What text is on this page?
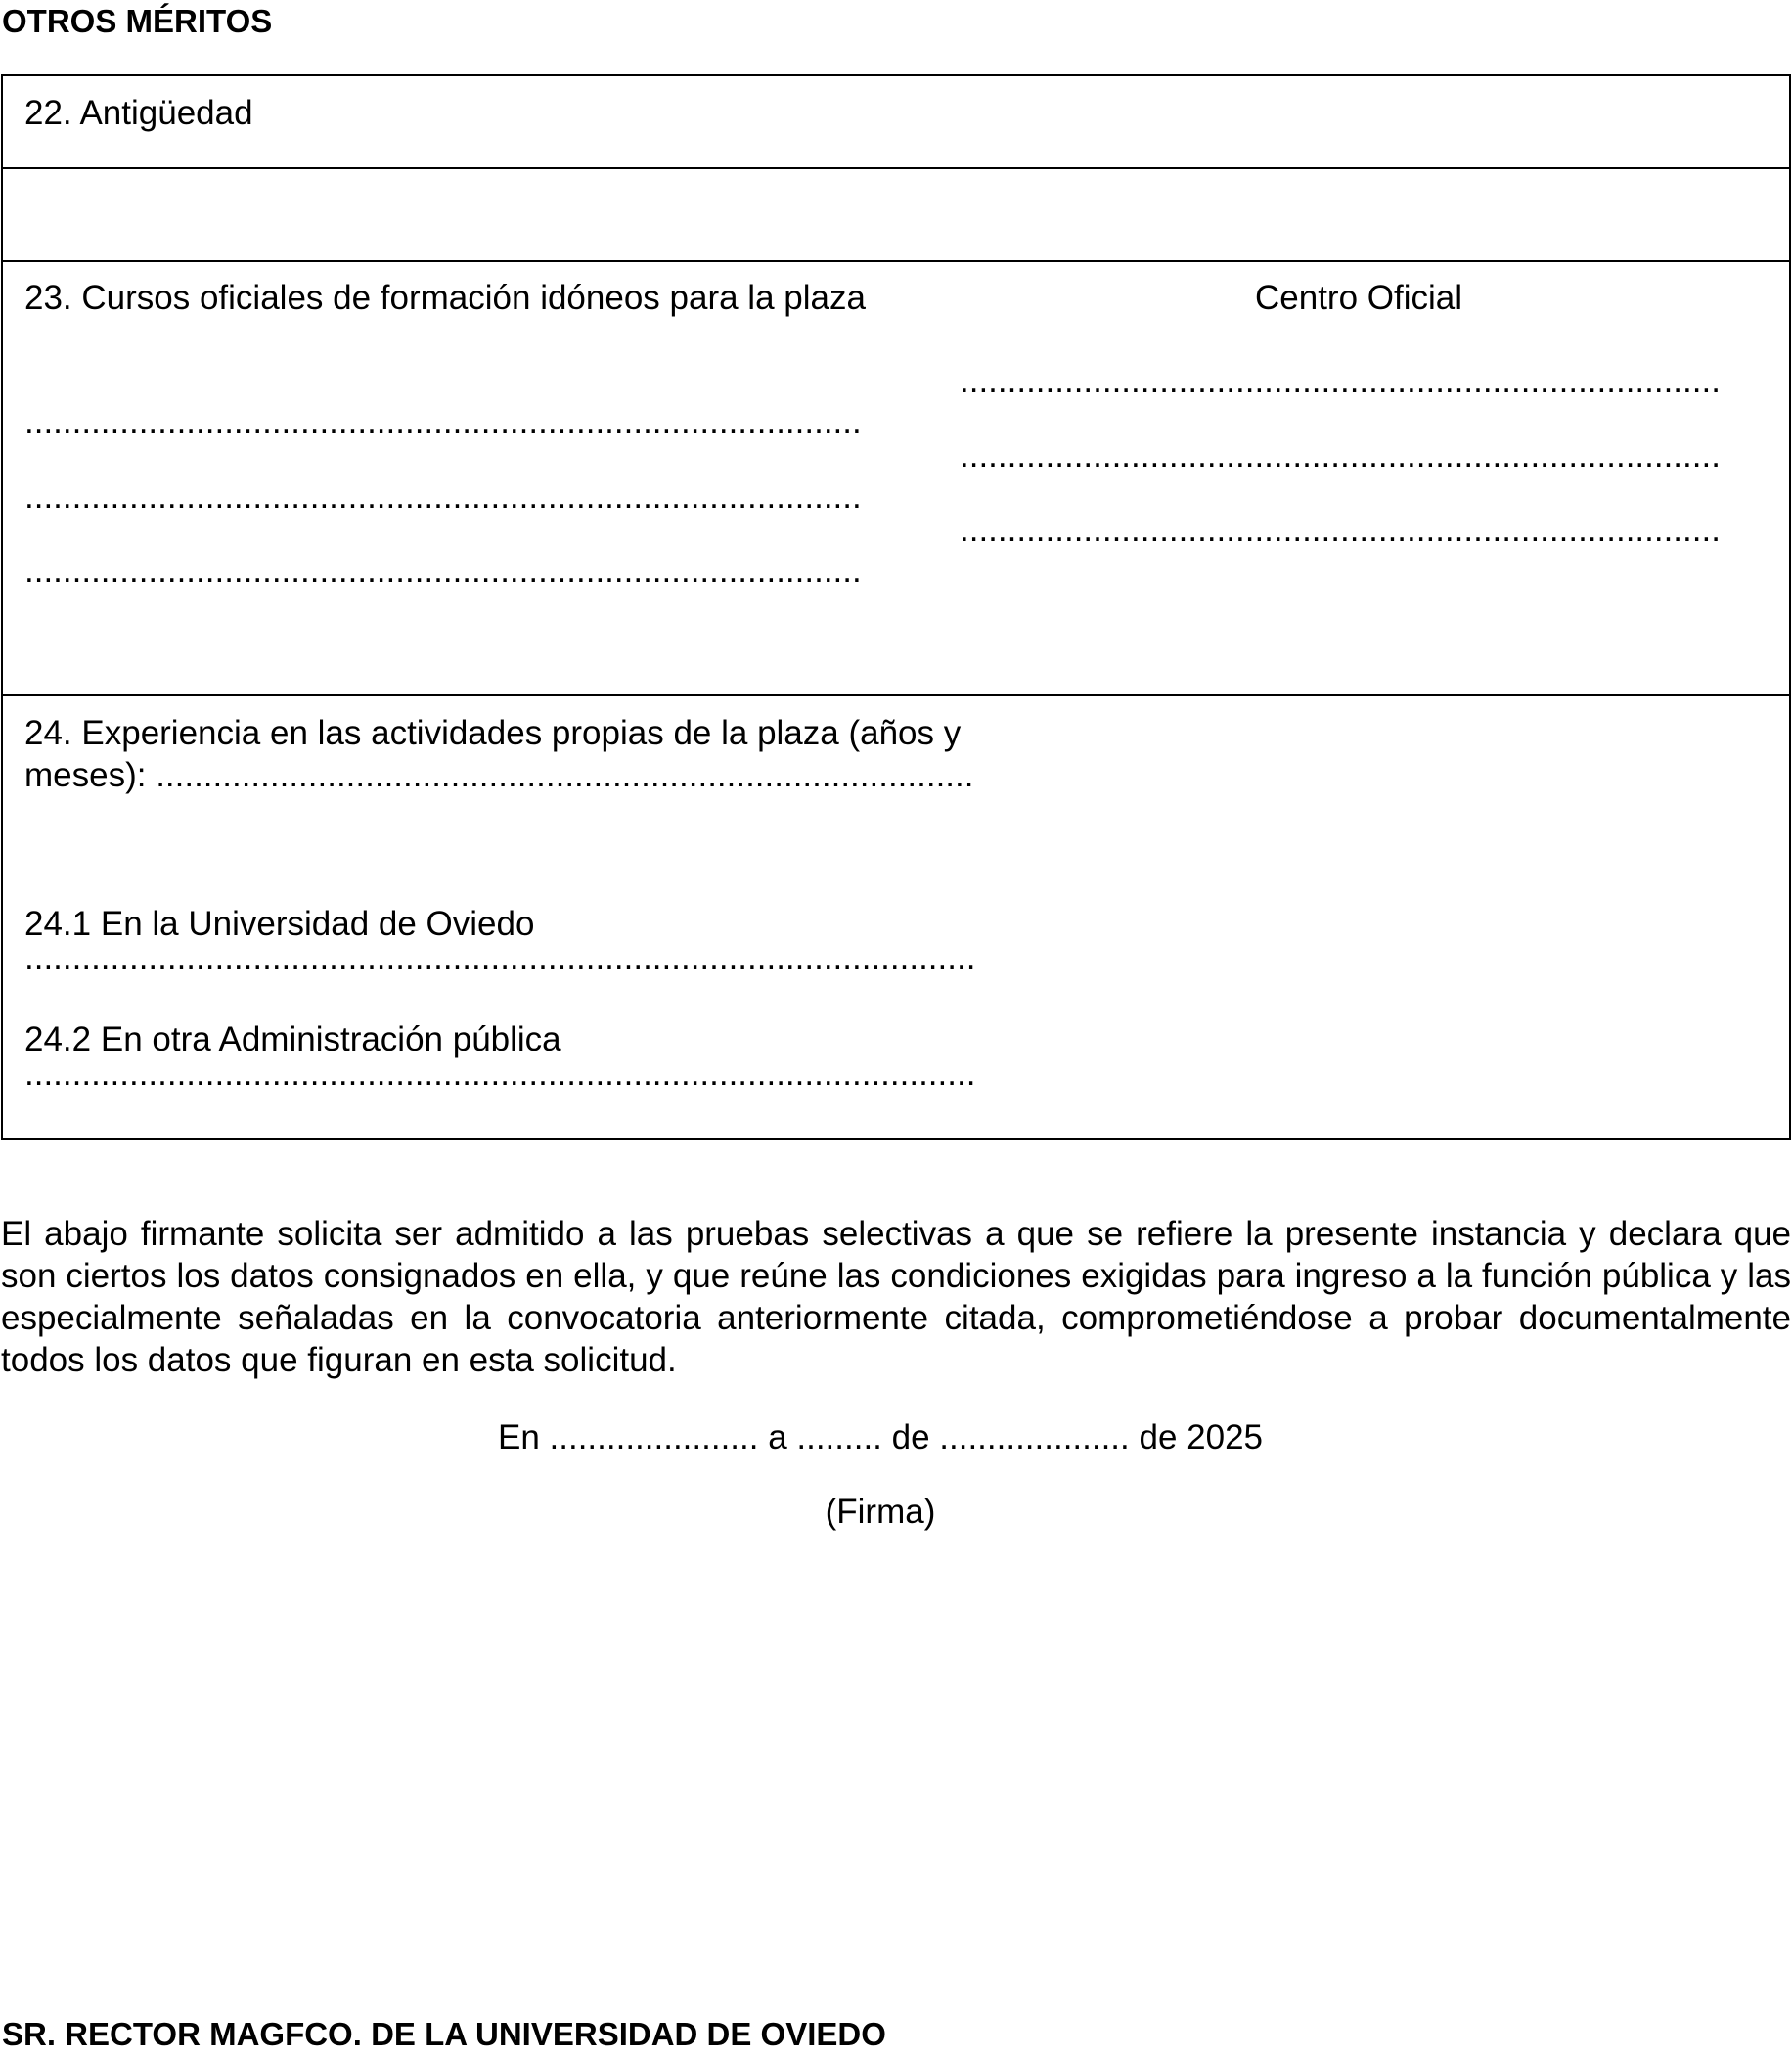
OTROS MÉRITOS
22. Antigüedad
23. Cursos oficiales de formación idóneos para la plaza	Centro Oficial
........................................................................................
........................................................................................
........................................................................................
................................................................................
................................................................................
................................................................................
24. Experiencia en las actividades propias de la plaza (años y meses): ......................................................................................
24.1 En la Universidad de Oviedo
....................................................................................................
24.2 En otra Administración pública
....................................................................................................
El abajo firmante solicita ser admitido a las pruebas selectivas a que se refiere la presente instancia y declara que son ciertos los datos consignados en ella, y que reúne las condiciones exigidas para ingreso a la función pública y las especialmente señaladas en la convocatoria anteriormente citada, comprometiéndose a probar documentalmente todos los datos que figuran en esta solicitud.
En ...................... a ......... de .................... de 2025
(Firma)
SR. RECTOR MAGFCO. DE LA UNIVERSIDAD DE OVIEDO
